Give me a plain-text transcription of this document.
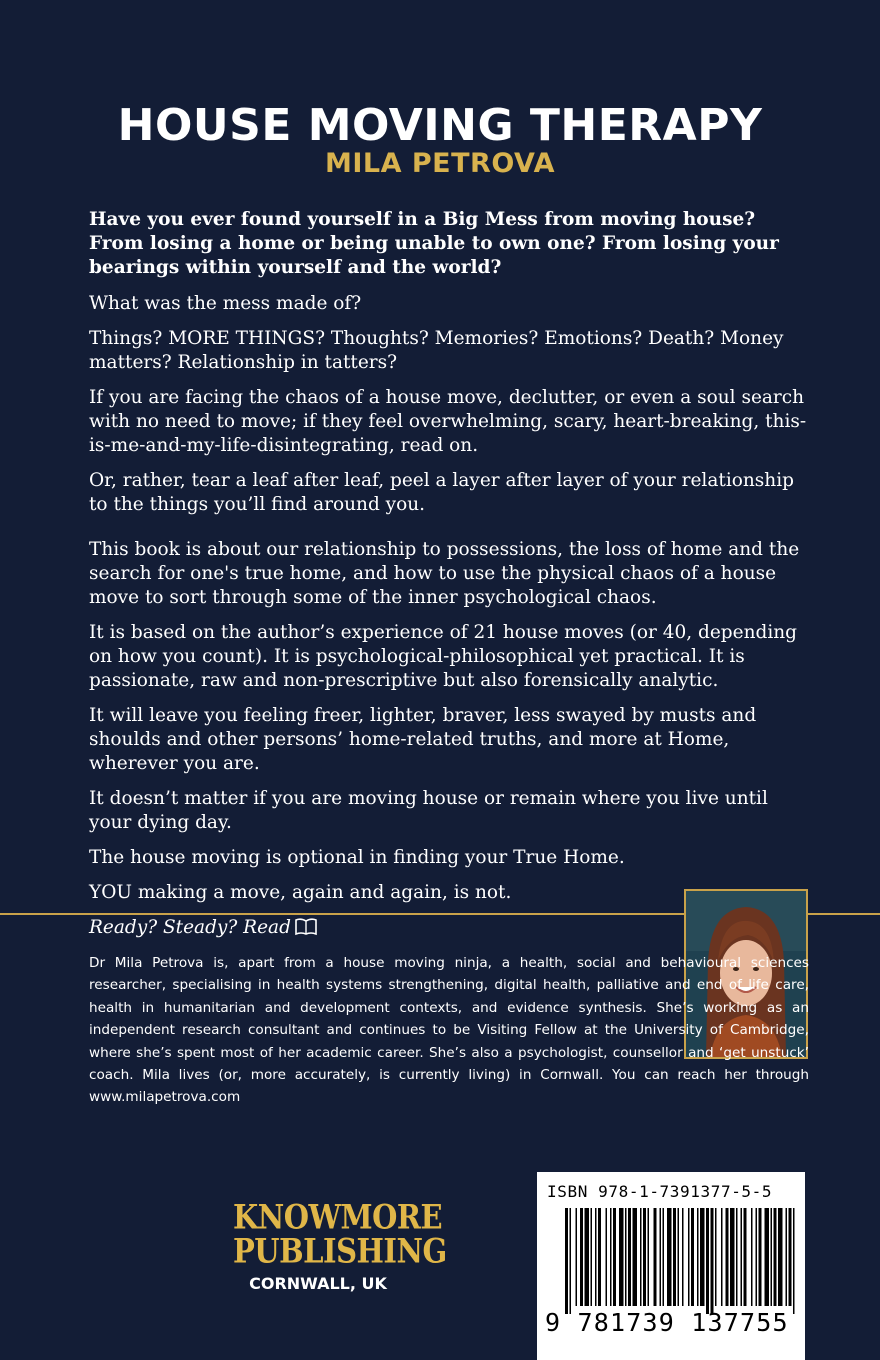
HOUSE MOVING THERAPY
MILA PETROVA

Have you ever found yourself in a Big Mess from moving house? From losing a home or being unable to own one? From losing your bearings within yourself and the world?

What was the mess made of?

Things? MORE THINGS? Thoughts? Memories? Emotions? Death? Money matters? Relationship in tatters?

If you are facing the chaos of a house move, declutter, or even a soul search with no need to move; if they feel overwhelming, scary, heart-breaking, this-is-me-and-my-life-disintegrating, read on.

Or, rather, tear a leaf after leaf, peel a layer after layer of your relationship to the things you’ll find around you.

This book is about our relationship to possessions, the loss of home and the search for one's true home, and how to use the physical chaos of a house move to sort through some of the inner psychological chaos.

It is based on the author’s experience of 21 house moves (or 40, depending on how you count). It is psychological-philosophical yet practical. It is passionate, raw and non-prescriptive but also forensically analytic.

It will leave you feeling freer, lighter, braver, less swayed by musts and shoulds and other persons’ home-related truths, and more at Home, wherever you are.

It doesn’t matter if you are moving house or remain where you live until your dying day.

The house moving is optional in finding your True Home.

YOU making a move, again and again, is not.

Ready? Steady? Read

Dr Mila Petrova is, apart from a house moving ninja, a health, social and behavioural sciences researcher, specialising in health systems strengthening, digital health, palliative and end of life care, health in humanitarian and development contexts, and evidence synthesis. She’s working as an independent research consultant and continues to be Visiting Fellow at the University of Cambridge, where she’s spent most of her academic career. She’s also a psychologist, counsellor and ‘get unstuck’ coach. Mila lives (or, more accurately, is currently living) in Cornwall. You can reach her through www.milapetrova.com

KNOWMORE
PUBLISHING
CORNWALL, UK
ISBN 978-1-7391377-5-5
9 781739 137755
